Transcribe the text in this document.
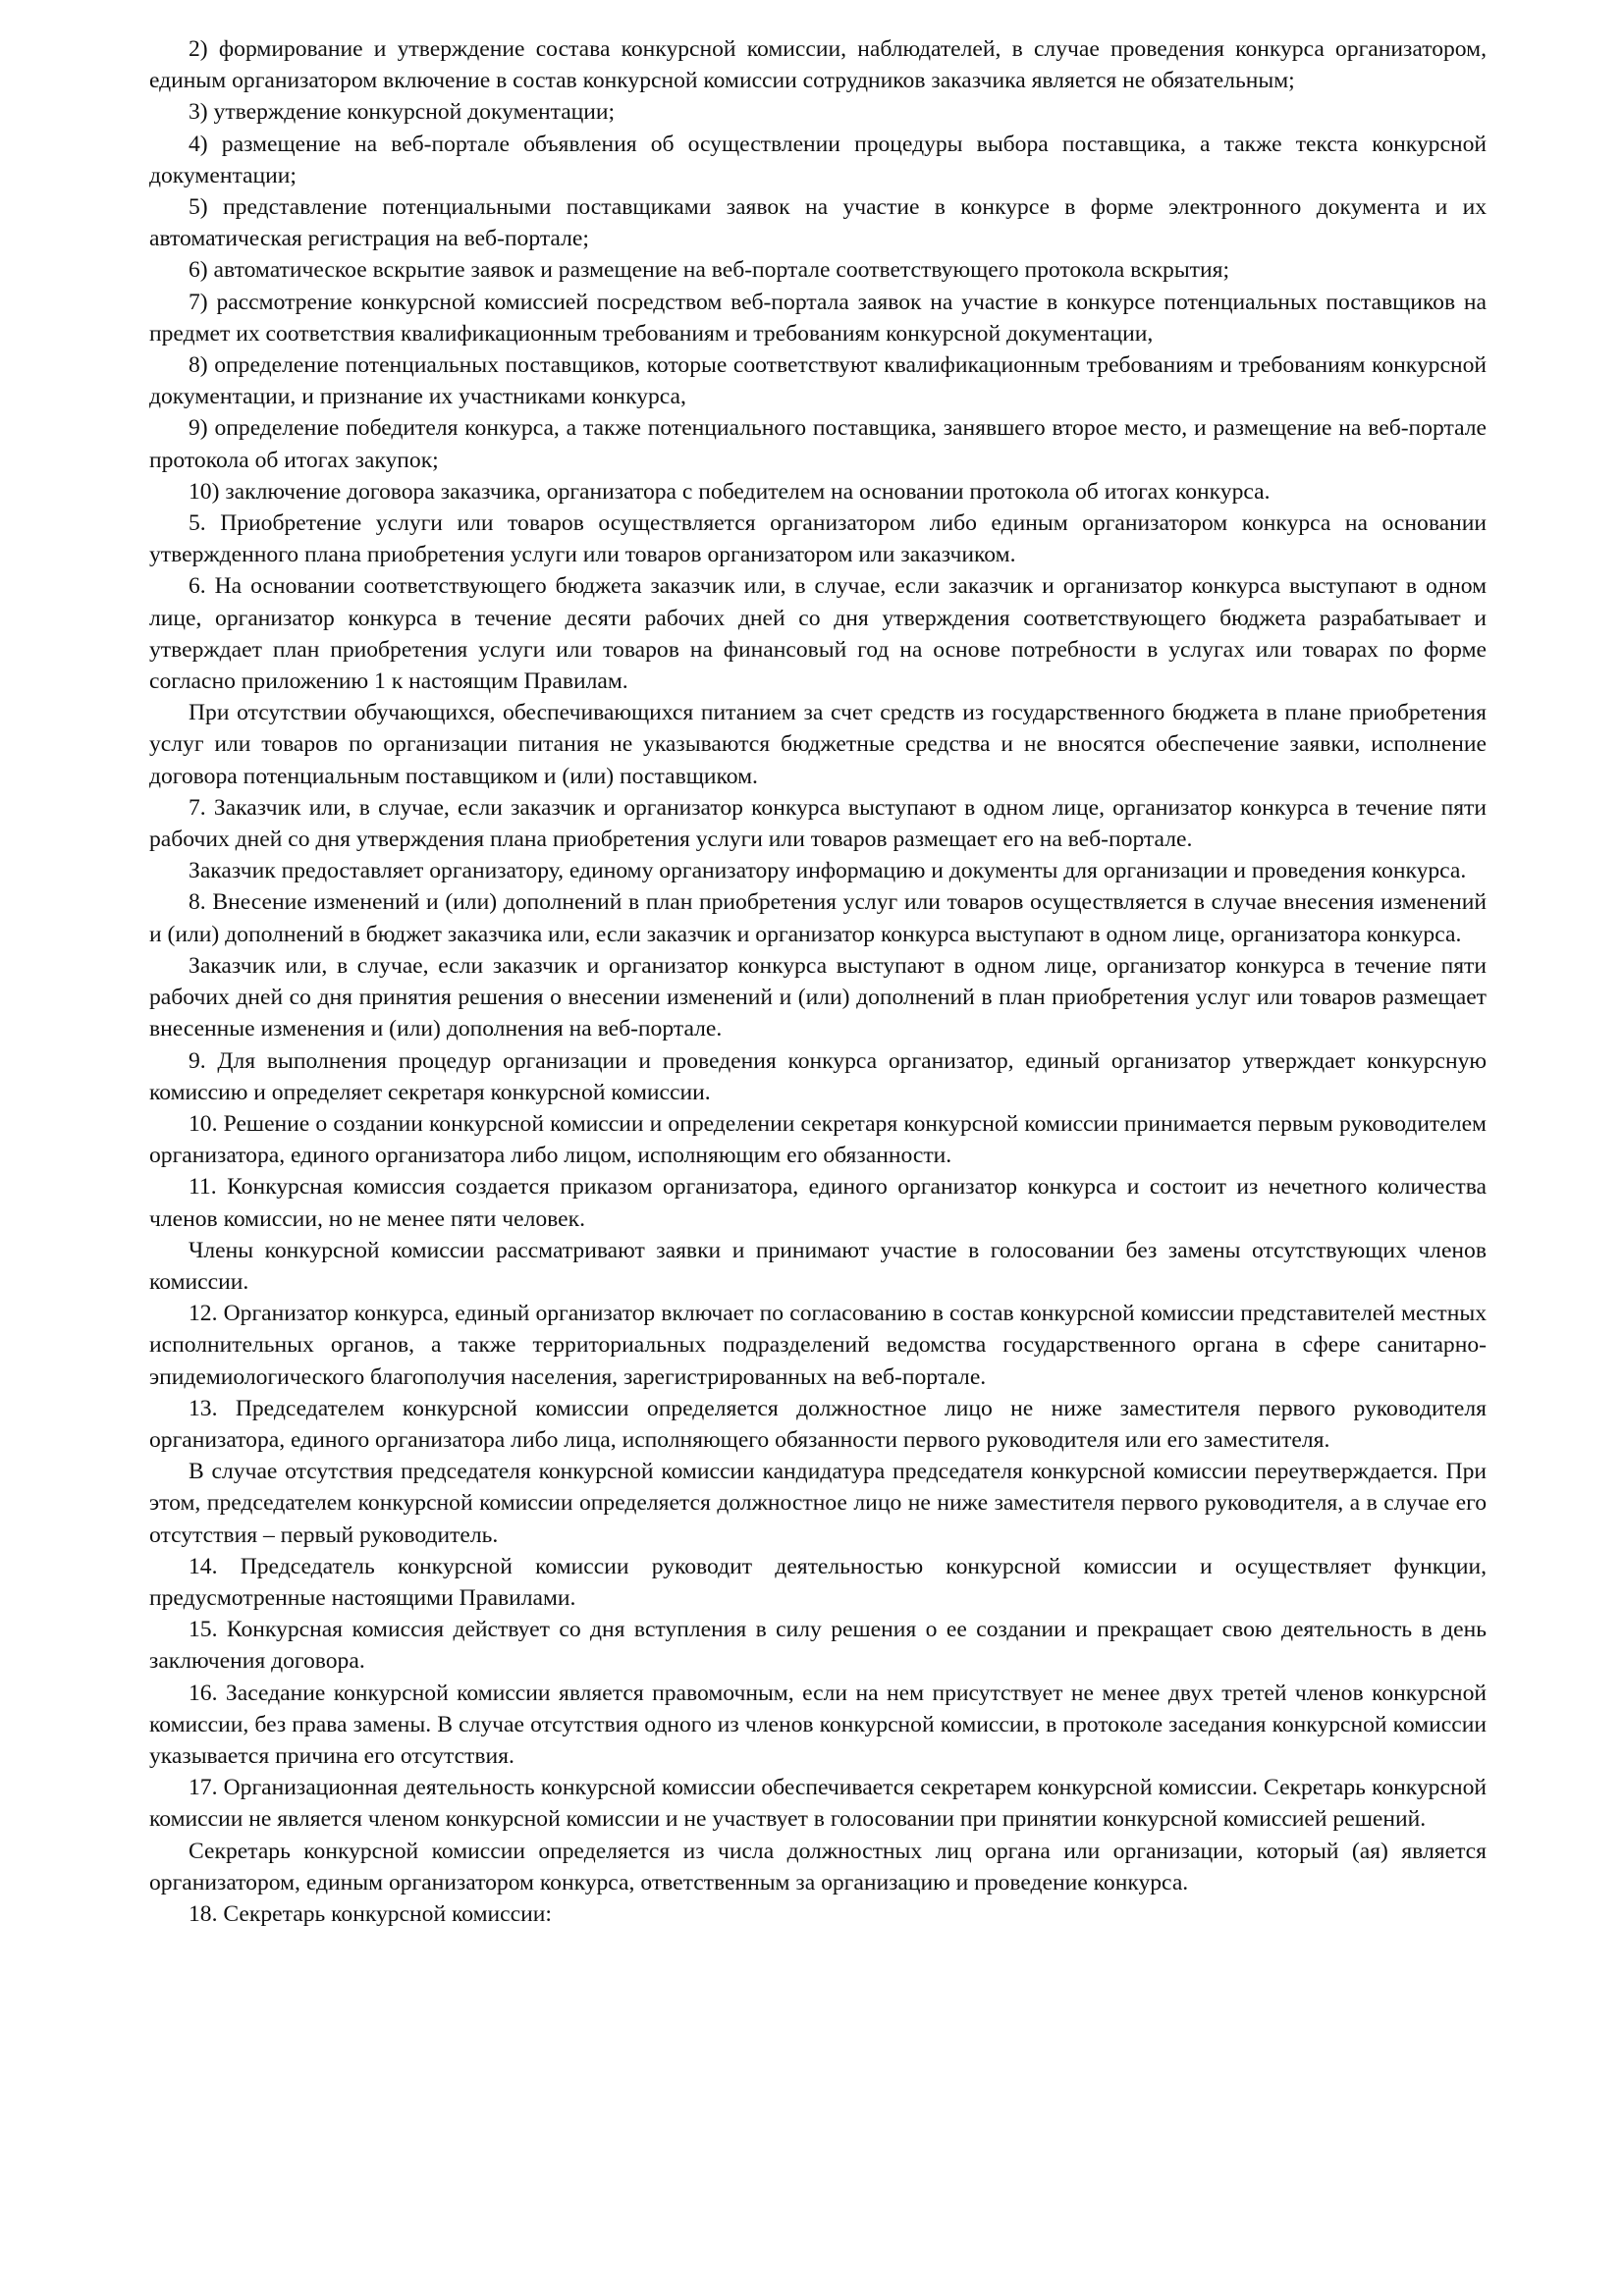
2) формирование и утверждение состава конкурсной комиссии, наблюдателей, в случае проведения конкурса организатором, единым организатором включение в состав конкурсной комиссии сотрудников заказчика является не обязательным;

3) утверждение конкурсной документации;

4) размещение на веб-портале объявления об осуществлении процедуры выбора поставщика, а также текста конкурсной документации;

5) представление потенциальными поставщиками заявок на участие в конкурсе в форме электронного документа и их автоматическая регистрация на веб-портале;

6) автоматическое вскрытие заявок и размещение на веб-портале соответствующего протокола вскрытия;

7) рассмотрение конкурсной комиссией посредством веб-портала заявок на участие в конкурсе потенциальных поставщиков на предмет их соответствия квалификационным требованиям и требованиям конкурсной документации,

8) определение потенциальных поставщиков, которые соответствуют квалификационным требованиям и требованиям конкурсной документации, и признание их участниками конкурса,

9) определение победителя конкурса, а также потенциального поставщика, занявшего второе место, и размещение на веб-портале протокола об итогах закупок;

10) заключение договора заказчика, организатора с победителем на основании протокола об итогах конкурса.

5. Приобретение услуги или товаров осуществляется организатором либо единым организатором конкурса на основании утвержденного плана приобретения услуги или товаров организатором или заказчиком.

6. На основании соответствующего бюджета заказчик или, в случае, если заказчик и организатор конкурса выступают в одном лице, организатор конкурса в течение десяти рабочих дней со дня утверждения соответствующего бюджета разрабатывает и утверждает план приобретения услуги или товаров на финансовый год на основе потребности в услугах или товарах по форме согласно приложению 1 к настоящим Правилам.

При отсутствии обучающихся, обеспечивающихся питанием за счет средств из государственного бюджета в плане приобретения услуг или товаров по организации питания не указываются бюджетные средства и не вносятся обеспечение заявки, исполнение договора потенциальным поставщиком и (или) поставщиком.

7. Заказчик или, в случае, если заказчик и организатор конкурса выступают в одном лице, организатор конкурса в течение пяти рабочих дней со дня утверждения плана приобретения услуги или товаров размещает его на веб-портале.

Заказчик предоставляет организатору, единому организатору информацию и документы для организации и проведения конкурса.

8. Внесение изменений и (или) дополнений в план приобретения услуг или товаров осуществляется в случае внесения изменений и (или) дополнений в бюджет заказчика или, если заказчик и организатор конкурса выступают в одном лице, организатора конкурса.

Заказчик или, в случае, если заказчик и организатор конкурса выступают в одном лице, организатор конкурса в течение пяти рабочих дней со дня принятия решения о внесении изменений и (или) дополнений в план приобретения услуг или товаров размещает внесенные изменения и (или) дополнения на веб-портале.

9. Для выполнения процедур организации и проведения конкурса организатор, единый организатор утверждает конкурсную комиссию и определяет секретаря конкурсной комиссии.

10. Решение о создании конкурсной комиссии и определении секретаря конкурсной комиссии принимается первым руководителем организатора, единого организатора либо лицом, исполняющим его обязанности.

11. Конкурсная комиссия создается приказом организатора, единого организатор конкурса и состоит из нечетного количества членов комиссии, но не менее пяти человек.

Члены конкурсной комиссии рассматривают заявки и принимают участие в голосовании без замены отсутствующих членов комиссии.

12. Организатор конкурса, единый организатор включает по согласованию в состав конкурсной комиссии представителей местных исполнительных органов, а также территориальных подразделений ведомства государственного органа в сфере санитарно-эпидемиологического благополучия населения, зарегистрированных на веб-портале.

13. Председателем конкурсной комиссии определяется должностное лицо не ниже заместителя первого руководителя организатора, единого организатора либо лица, исполняющего обязанности первого руководителя или его заместителя.

В случае отсутствия председателя конкурсной комиссии кандидатура председателя конкурсной комиссии переутверждается. При этом, председателем конкурсной комиссии определяется должностное лицо не ниже заместителя первого руководителя, а в случае его отсутствия – первый руководитель.

14. Председатель конкурсной комиссии руководит деятельностью конкурсной комиссии и осуществляет функции, предусмотренные настоящими Правилами.

15. Конкурсная комиссия действует со дня вступления в силу решения о ее создании и прекращает свою деятельность в день заключения договора.

16. Заседание конкурсной комиссии является правомочным, если на нем присутствует не менее двух третей членов конкурсной комиссии, без права замены. В случае отсутствия одного из членов конкурсной комиссии, в протоколе заседания конкурсной комиссии указывается причина его отсутствия.

17. Организационная деятельность конкурсной комиссии обеспечивается секретарем конкурсной комиссии. Секретарь конкурсной комиссии не является членом конкурсной комиссии и не участвует в голосовании при принятии конкурсной комиссией решений.

Секретарь конкурсной комиссии определяется из числа должностных лиц органа или организации, который (ая) является организатором, единым организатором конкурса, ответственным за организацию и проведение конкурса.

18. Секретарь конкурсной комиссии:
